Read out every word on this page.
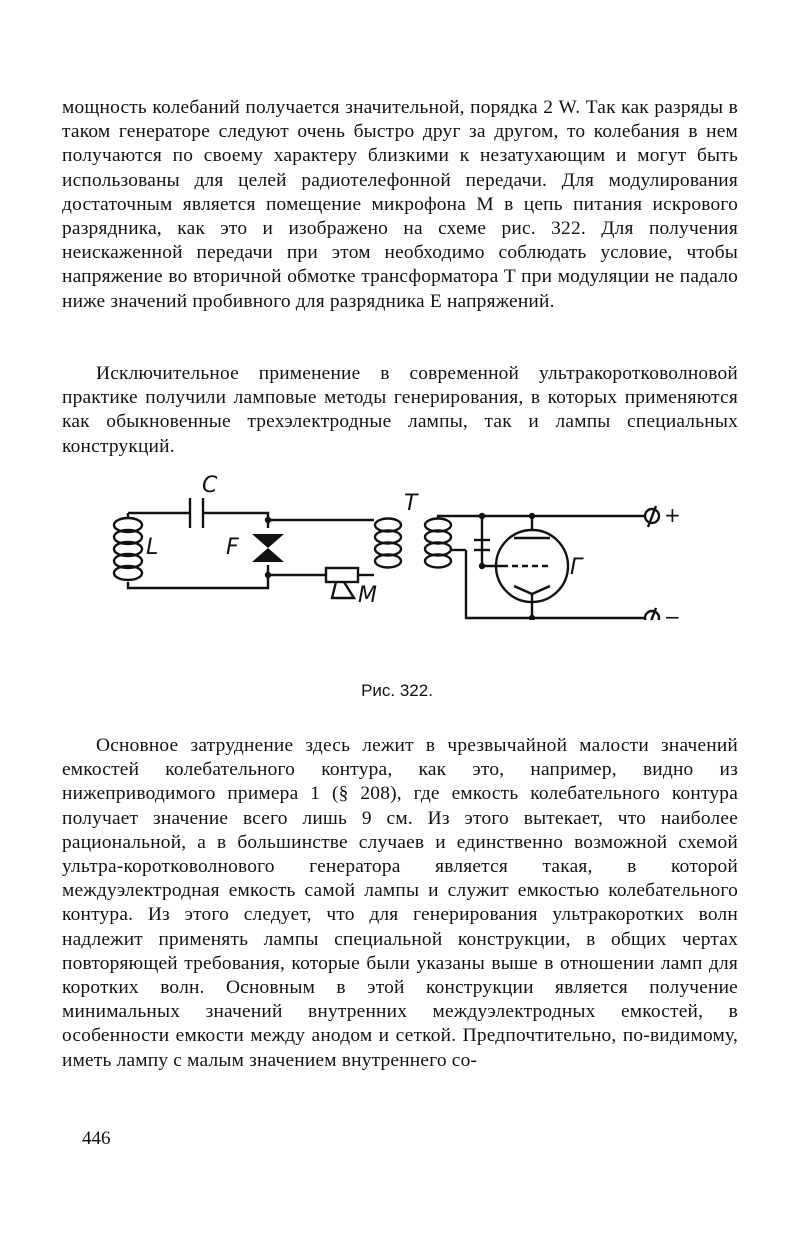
мощность колебаний получается значительной, порядка 2 W. Так как разряды в таком генераторе следуют очень быстро друг за другом, то колебания в нем получаются по своему характеру близкими к незатухающим и могут быть использованы для целей радиотелефонной передачи. Для модулирования достаточным является помещение микрофона M в цепь питания искрового разрядника, как это и изображено на схеме рис. 322. Для получения неискаженной передачи при этом необходимо соблюдать условие, чтобы напряжение во вторичной обмотке трансформатора T при модуляции не падало ниже значений пробивного для разрядника E напряжений.

Исключительное применение в современной ультракоротковолновой практике получили ламповые методы генерирования, в которых применяются как обыкновенные трехэлектродные лампы, так и лампы специальных конструкций.

C
L	F
T
M
Г
+
−
Рис. 322.

Основное затруднение здесь лежит в чрезвычайной малости значений емкостей колебательного контура, как это, например, видно из нижеприводимого примера 1 (§ 208), где емкость колебательного контура получает значение всего лишь 9 см. Из этого вытекает, что наиболее рациональной, а в большинстве случаев и единственно возможной схемой ультра-коротковолнового генератора является такая, в которой междуэлектродная емкость самой лампы и служит емкостью колебательного контура. Из этого следует, что для генерирования ультракоротких волн надлежит применять лампы специальной конструкции, в общих чертах повторяющей требования, которые были указаны выше в отношении ламп для коротких волн. Основным в этой конструкции является получение минимальных значений внутренних междуэлектродных емкостей, в особенности емкости между анодом и сеткой. Предпочтительно, по-видимому, иметь лампу с малым значением внутреннего со-

446
